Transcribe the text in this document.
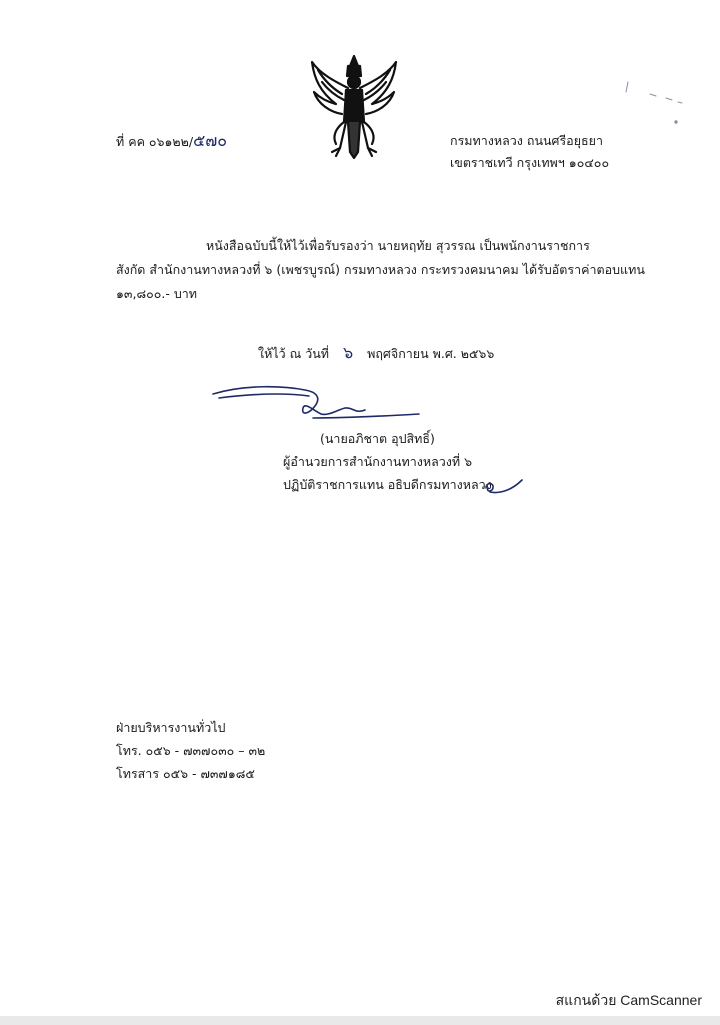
ที่ คค ๐๖๑๒๒/๕๗๐	กรมทางหลวง ถนนศรีอยุธยา
เขตราชเทวี กรุงเทพฯ ๑๐๔๐๐
หนังสือฉบับนี้ให้ไว้เพื่อรับรองว่า นายหฤทัย สุวรรณ เป็นพนักงานราชการ
สังกัด สำนักงานทางหลวงที่ ๖ (เพชรบูรณ์) กรมทางหลวง กระทรวงคมนาคม ได้รับอัตราค่าตอบแทน
๑๓,๘๐๐.- บาท
ให้ไว้ ณ วันที่ ๖ พฤศจิกายน พ.ศ. ๒๕๖๖
(นายอภิชาต อุปสิทธิ์)
ผู้อำนวยการสำนักงานทางหลวงที่ ๖
ปฏิบัติราชการแทน อธิบดีกรมทางหลวง
ฝ่ายบริหารงานทั่วไป
โทร. ๐๕๖ - ๗๓๗๐๓๐ – ๓๒
โทรสาร ๐๕๖ - ๗๓๗๑๘๕
สแกนด้วย CamScanner
